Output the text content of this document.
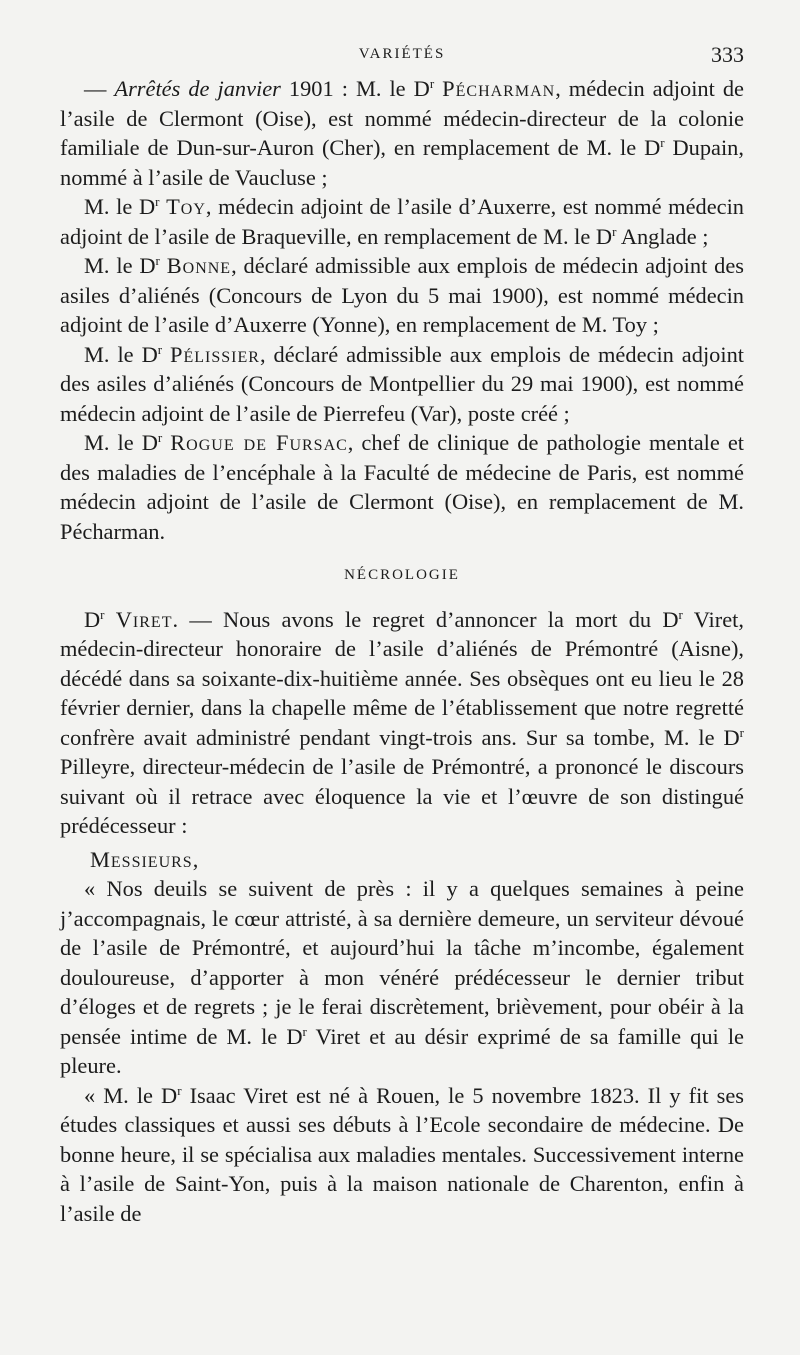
VARIÉTÉS	333

— Arrêtés de janvier 1901 : M. le $D^r$ Pécharman, médecin adjoint de l’asile de Clermont (Oise), est nommé médecin-directeur de la colonie familiale de Dun-sur-Auron (Cher), en remplacement de M. le $D^r$ Dupain, nommé à l’asile de Vaucluse ;

M. le $D^r$ Toy, médecin adjoint de l’asile d’Auxerre, est nommé médecin adjoint de l’asile de Braqueville, en remplacement de M. le $D^r$ Anglade ;

M. le $D^r$ Bonne, déclaré admissible aux emplois de médecin adjoint des asiles d’aliénés (Concours de Lyon du 5 mai 1900), est nommé médecin adjoint de l’asile d’Auxerre (Yonne), en remplacement de M. Toy ;

M. le $D^r$ Pélissier, déclaré admissible aux emplois de médecin adjoint des asiles d’aliénés (Concours de Montpellier du 29 mai 1900), est nommé médecin adjoint de l’asile de Pierrefeu (Var), poste créé ;

M. le $D^r$ Rogue de Fursac, chef de clinique de pathologie mentale et des maladies de l’encéphale à la Faculté de médecine de Paris, est nommé médecin adjoint de l’asile de Clermont (Oise), en remplacement de M. Pécharman.

NÉCROLOGIE

$D^r$ Viret. — Nous avons le regret d’annoncer la mort du $D^r$ Viret, médecin-directeur honoraire de l’asile d’aliénés de Prémontré (Aisne), décédé dans sa soixante-dix-huitième année. Ses obsèques ont eu lieu le 28 février dernier, dans la chapelle même de l’établissement que notre regretté confrère avait administré pendant vingt-trois ans. Sur sa tombe, M. le $D^r$ Pilleyre, directeur-médecin de l’asile de Prémontré, a prononcé le discours suivant où il retrace avec éloquence la vie et l’œuvre de son distingué prédécesseur :

Messieurs,

« Nos deuils se suivent de près : il y a quelques semaines à peine j’accompagnais, le cœur attristé, à sa dernière demeure, un serviteur dévoué de l’asile de Prémontré, et aujourd’hui la tâche m’incombe, également douloureuse, d’apporter à mon vénéré prédécesseur le dernier tribut d’éloges et de regrets ; je le ferai discrètement, brièvement, pour obéir à la pensée intime de M. le $D^r$ Viret et au désir exprimé de sa famille qui le pleure.

« M. le $D^r$ Isaac Viret est né à Rouen, le 5 novembre 1823. Il y fit ses études classiques et aussi ses débuts à l’Ecole secondaire de médecine. De bonne heure, il se spécialisa aux maladies mentales. Successivement interne à l’asile de Saint-Yon, puis à la maison nationale de Charenton, enfin à l’asile de
